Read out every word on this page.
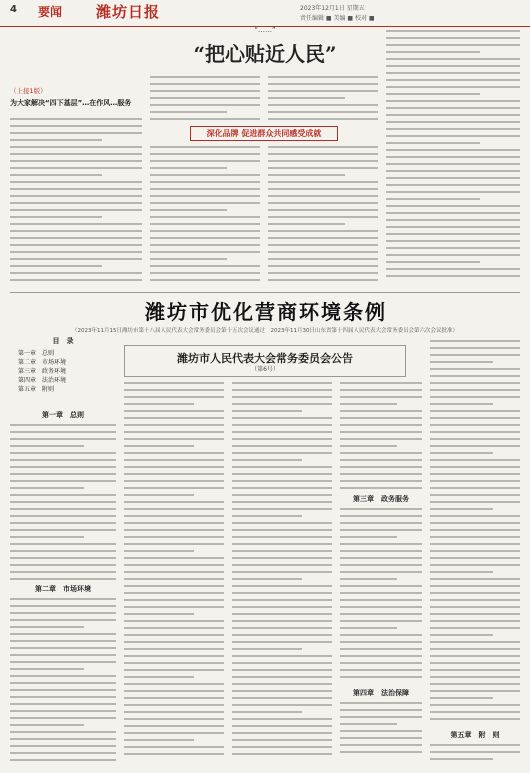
4 要闻 潍坊日报	2023年12月1日 星期五
责任编辑 ■ 美编 ■ 校对 ■
“……”
“把心贴近人民”
深化品牌 促进群众共同感受成就
（上接1版）
为大家解决“四下基层”…在作风…服务
潍坊市优化营商环境条例
（2023年11月15日潍坊市第十八届人民代表大会常务委员会第十五次会议通过　2023年11月30日山东省第十四届人民代表大会常务委员会第六次会议批准）
目　录
第一章　总则
第二章　市场环境
第三章　政务环境
第四章　法治环境
第五章　附则
潍坊市人民代表大会常务委员会公告
（第6号）
第一章　总则
第二章　市场环境
第三章　政务服务
第四章　法治保障
第五章　附　则
